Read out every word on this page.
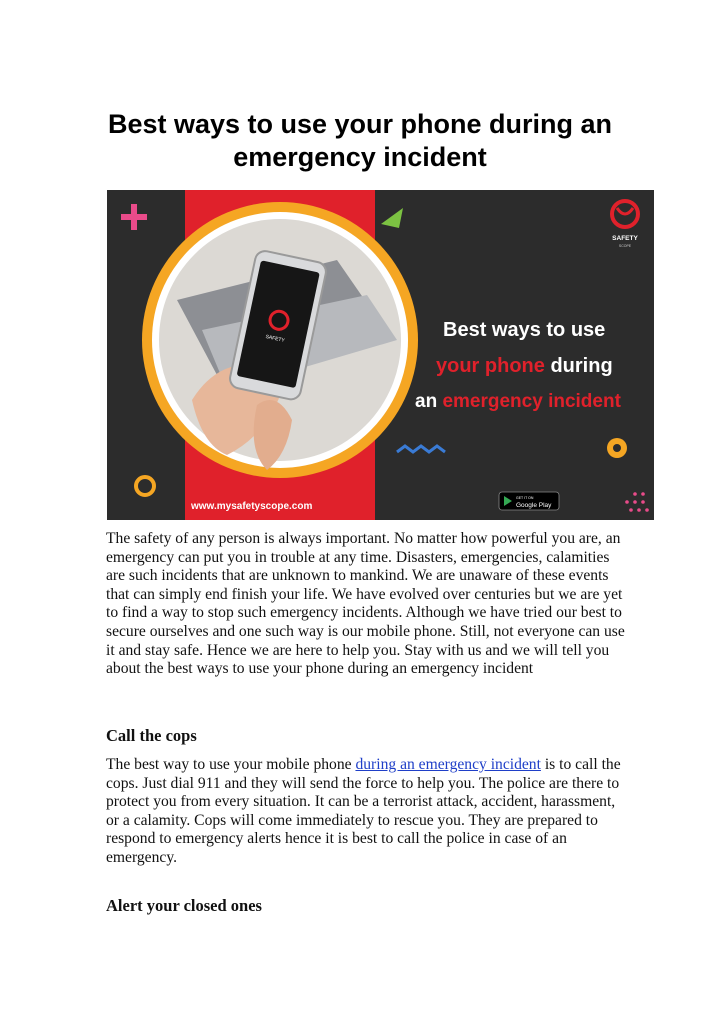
Best ways to use your phone during an emergency incident
SAFETY
SAFETY
SCOPE
Best ways to use
your phone during
an emergency incident
www.mysafetyscope.com
GET IT ON
Google Play

The safety of any person is always important. No matter how powerful you are, an emergency can put you in trouble at any time. Disasters, emergencies, calamities are such incidents that are unknown to mankind. We are unaware of these events that can simply end finish your life. We have evolved over centuries but we are yet to find a way to stop such emergency incidents. Although we have tried our best to secure ourselves and one such way is our mobile phone. Still, not everyone can use it and stay safe. Hence we are here to help you. Stay with us and we will tell you about the best ways to use your phone during an emergency incident

Call the cops

The best way to use your mobile phone during an emergency incident is to call the cops. Just dial 911 and they will send the force to help you. The police are there to protect you from every situation. It can be a terrorist attack, accident, harassment, or a calamity. Cops will come immediately to rescue you. They are prepared to respond to emergency alerts hence it is best to call the police in case of an emergency.

Alert your closed ones
